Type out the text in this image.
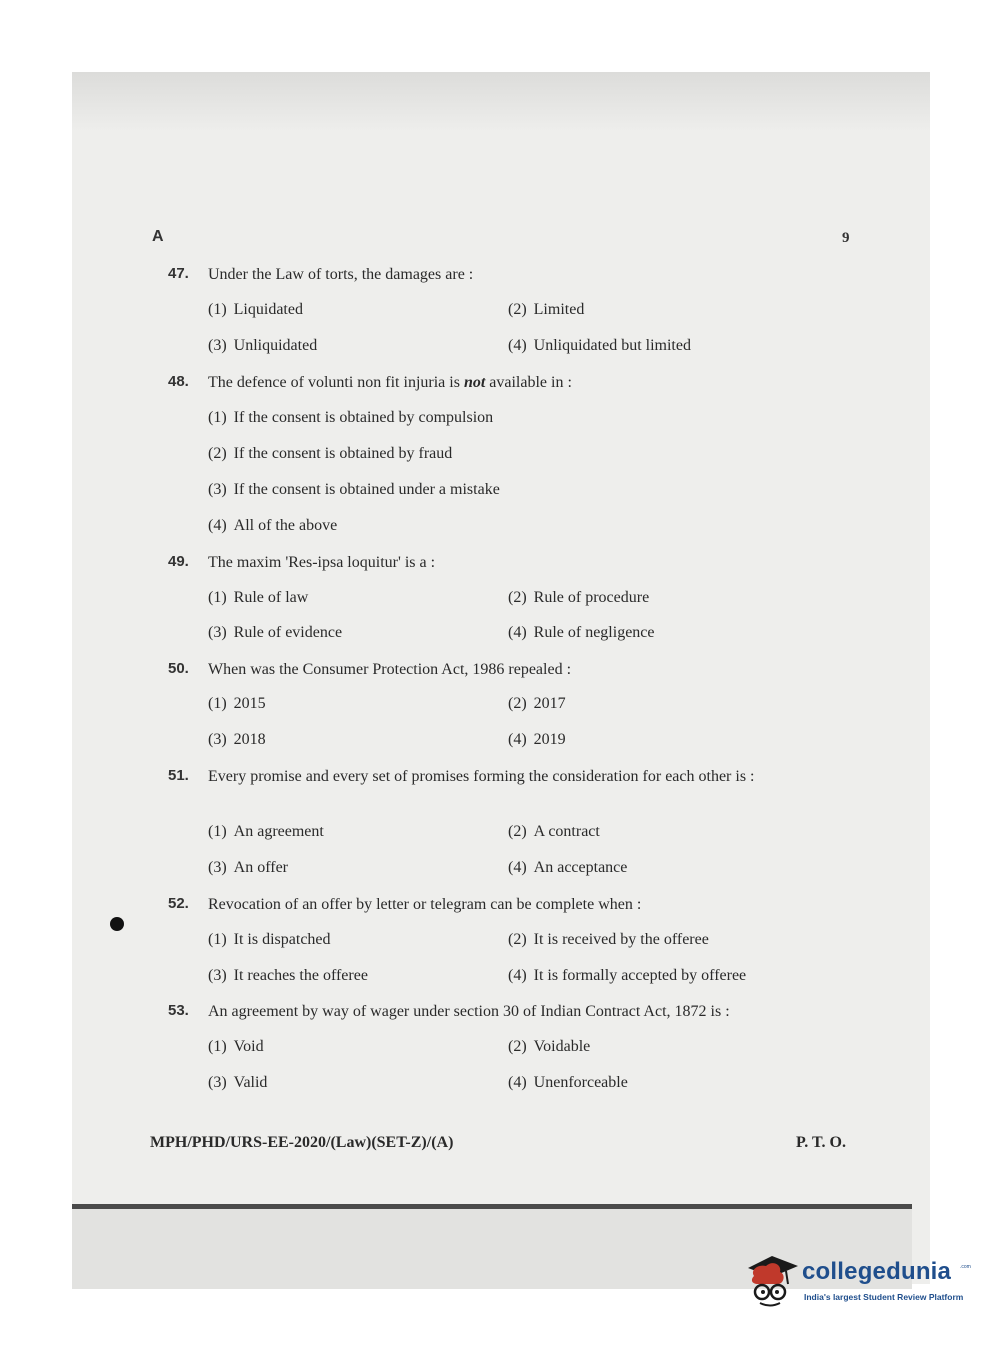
A	9
47. Under the Law of torts, the damages are :
(1) Liquidated	(2) Limited
(3) Unliquidated	(4) Unliquidated but limited
48. The defence of volunti non fit injuria is not available in :
(1) If the consent is obtained by compulsion
(2) If the consent is obtained by fraud
(3) If the consent is obtained under a mistake
(4) All of the above
49. The maxim 'Res-ipsa loquitur' is a :
(1) Rule of law	(2) Rule of procedure
(3) Rule of evidence	(4) Rule of negligence
50. When was the Consumer Protection Act, 1986 repealed :
(1) 2015	(2) 2017
(3) 2018	(4) 2019
51. Every promise and every set of promises forming the consideration for each other is :
(1) An agreement	(2) A contract
(3) An offer	(4) An acceptance
52. Revocation of an offer by letter or telegram can be complete when :
(1) It is dispatched	(2) It is received by the offeree
(3) It reaches the offeree	(4) It is formally accepted by offeree
53. An agreement by way of wager under section 30 of Indian Contract Act, 1872 is :
(1) Void	(2) Voidable
(3) Valid	(4) Unenforceable
MPH/PHD/URS-EE-2020/(Law)(SET-Z)/(A)	P. T. O.
collegedunia .com
India's largest Student Review Platform
